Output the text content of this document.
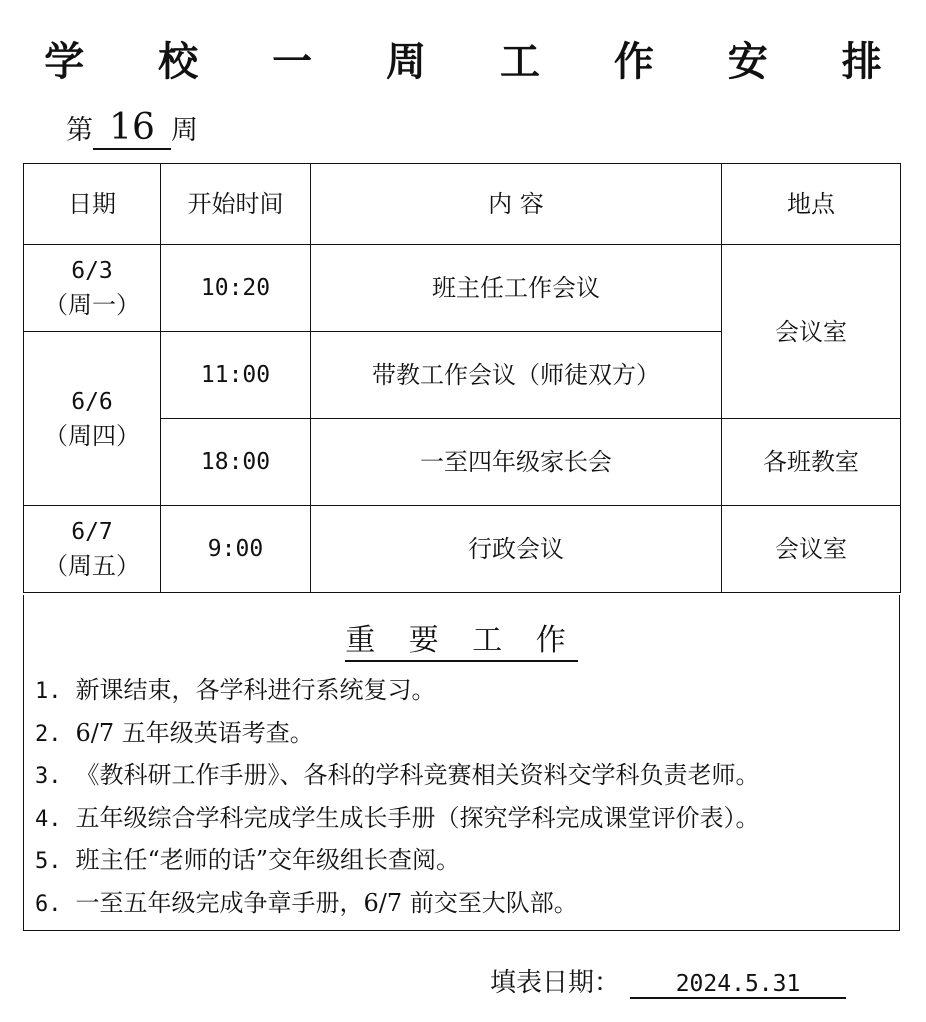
学 校 一 周 工 作 安 排
第 16 周
日期	开始时间	内 容	地点

6/3
（周一）	10:20	班主任工作会议	会议室

6/6
（周四）	11:00	带教工作会议（师徒双方）	
	18:00	一至四年级家长会	各班教室

6/7
（周五）	9:00	行政会议	会议室
重 要 工 作
1. 新课结束，各学科进行系统复习。
2. 6/7 五年级英语考查。
3. 《教科研工作手册》、各科的学科竞赛相关资料交学科负责老师。
4. 五年级综合学科完成学生成长手册（探究学科完成课堂评价表）。
5. 班主任“老师的话”交年级组长查阅。
6. 一至五年级完成争章手册，6/7 前交至大队部。
填表日期： 2024.5.31
